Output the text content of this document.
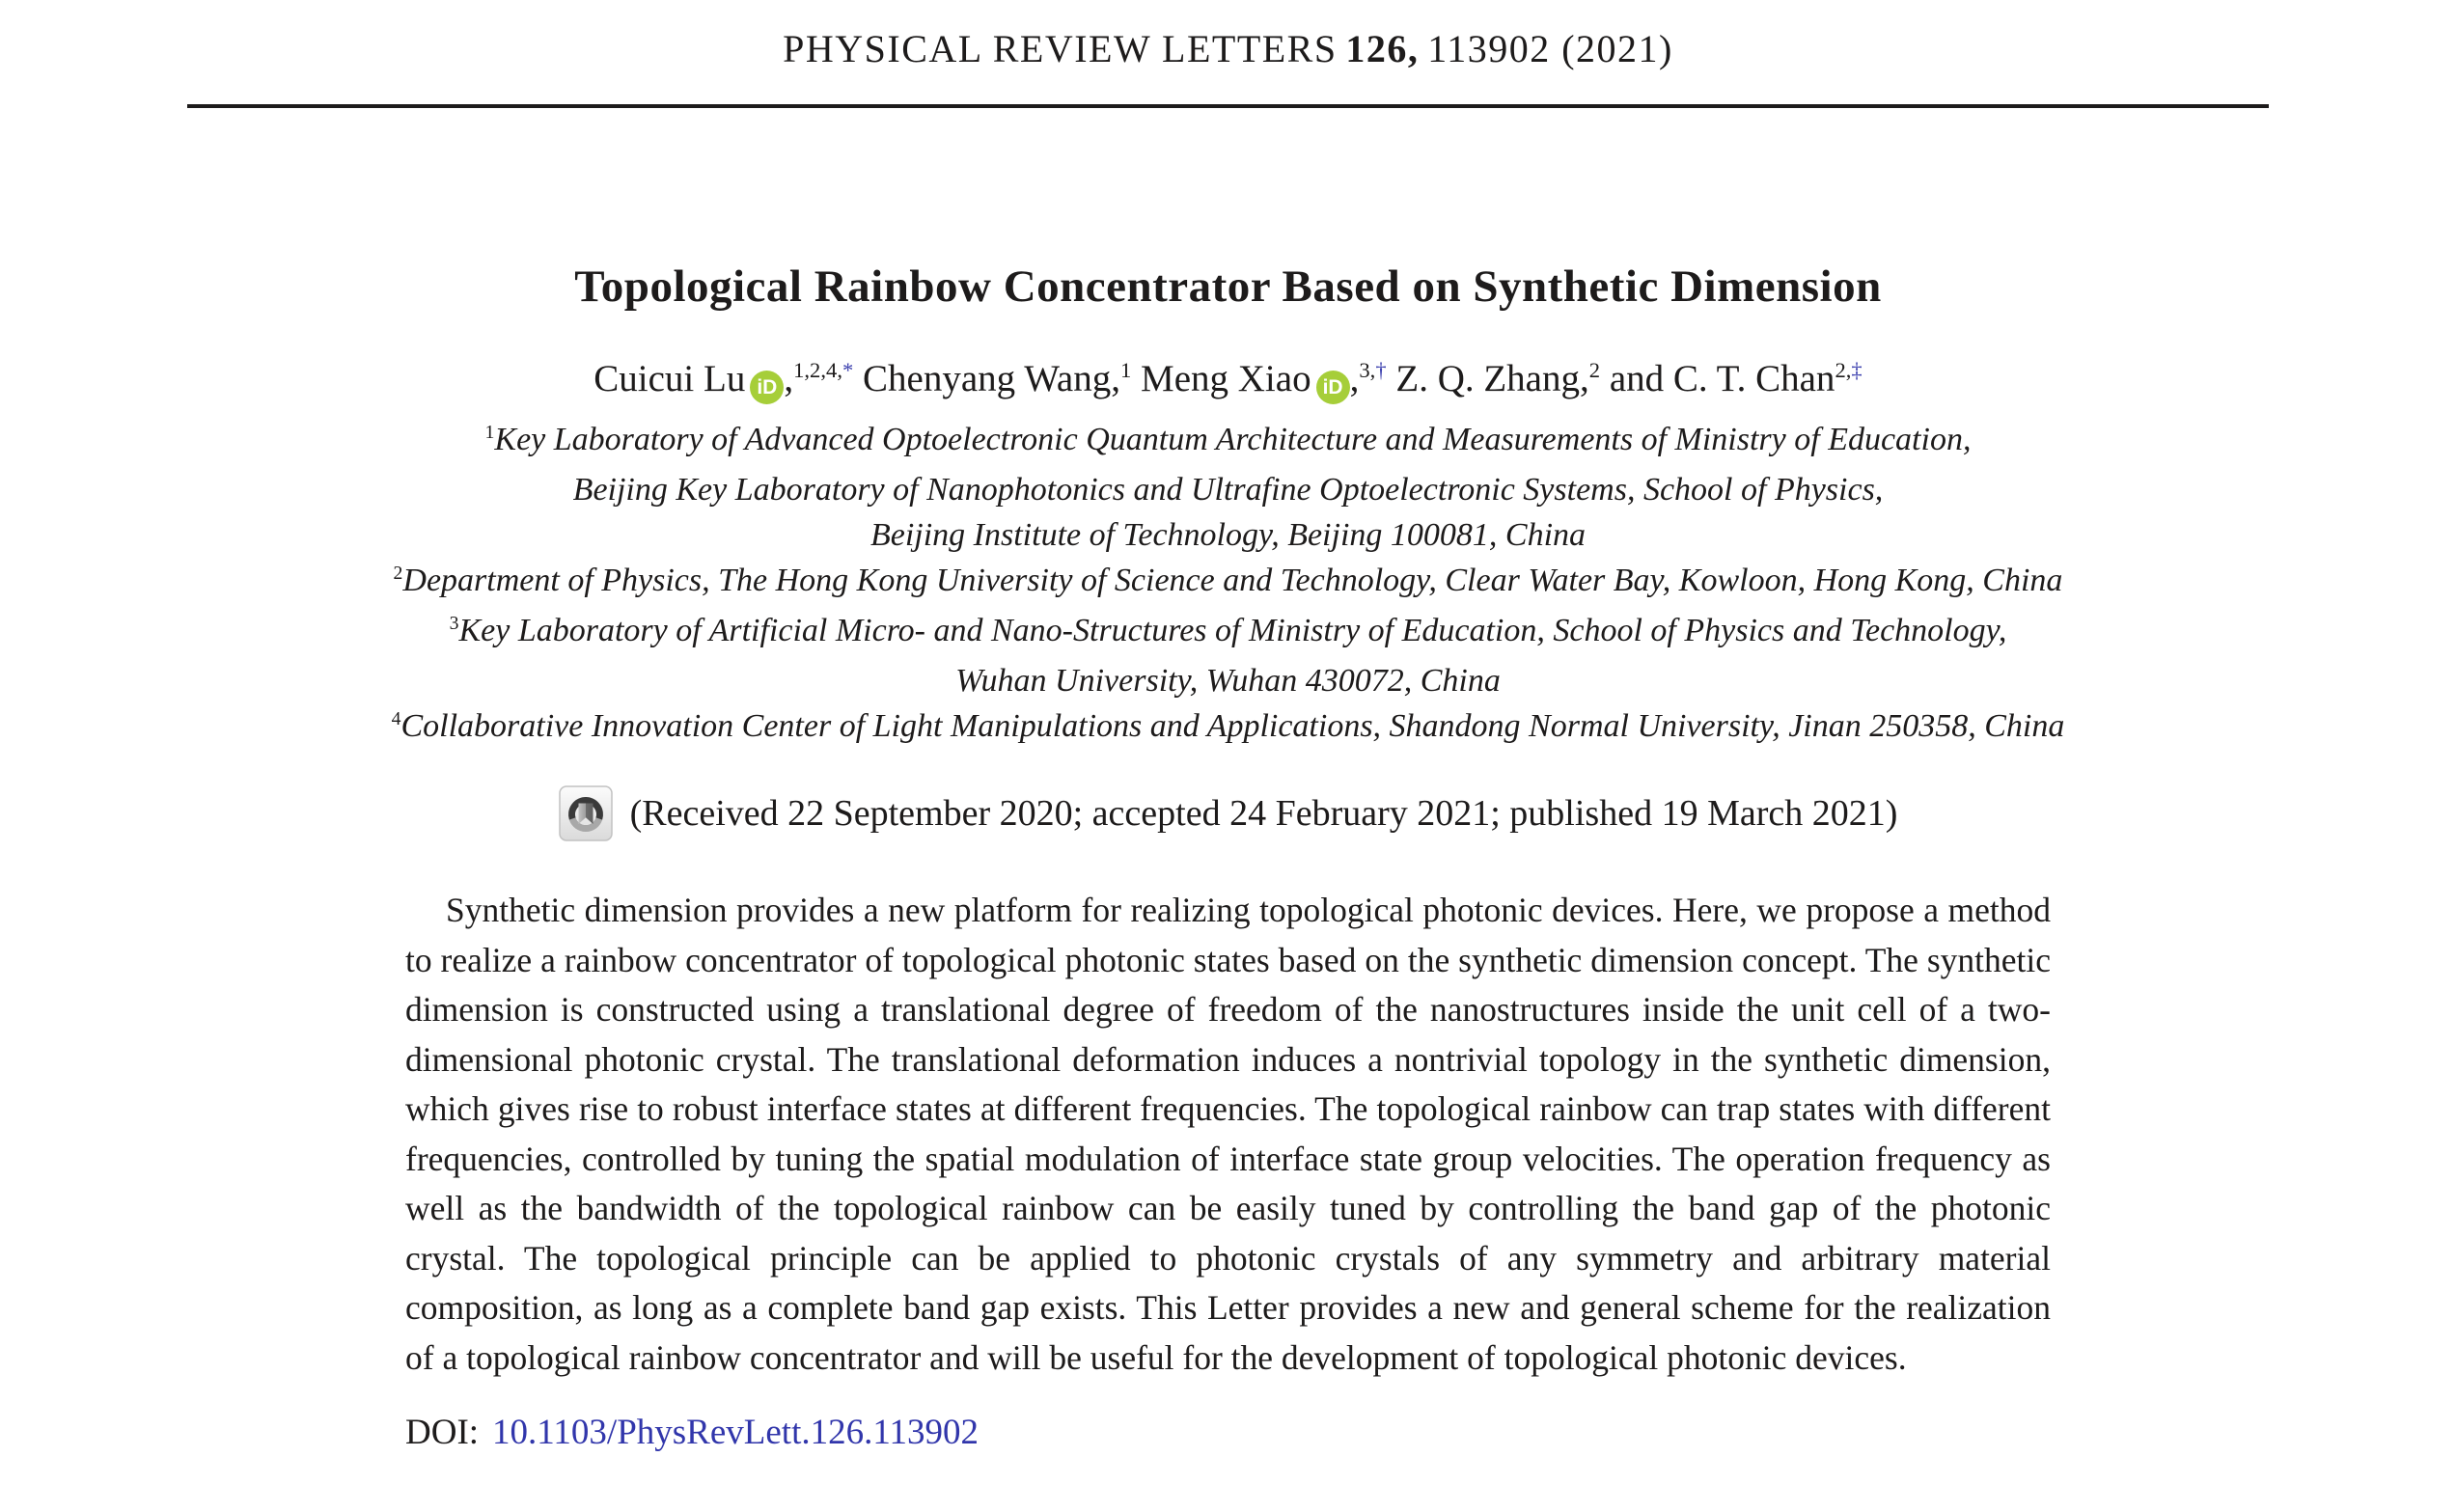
PHYSICAL REVIEW LETTERS 126, 113902 (2021)
Topological Rainbow Concentrator Based on Synthetic Dimension
Cuicui Lu iD ,$^{1,2,4,*}$ Chenyang Wang,$^1$ Meng Xiao iD ,$^{3,\dagger}$ Z. Q. Zhang,$^2$ and C. T. Chan$^{2,\ddagger}$
$^1$Key Laboratory of Advanced Optoelectronic Quantum Architecture and Measurements of Ministry of Education,
Beijing Key Laboratory of Nanophotonics and Ultrafine Optoelectronic Systems, School of Physics,
Beijing Institute of Technology, Beijing 100081, China
$^2$Department of Physics, The Hong Kong University of Science and Technology, Clear Water Bay, Kowloon, Hong Kong, China
$^3$Key Laboratory of Artificial Micro- and Nano-Structures of Ministry of Education, School of Physics and Technology,
Wuhan University, Wuhan 430072, China
$^4$Collaborative Innovation Center of Light Manipulations and Applications, Shandong Normal University, Jinan 250358, China
(Received 22 September 2020; accepted 24 February 2021; published 19 March 2021)

Synthetic dimension provides a new platform for realizing topological photonic devices. Here, we propose a method to realize a rainbow concentrator of topological photonic states based on the synthetic dimension concept. The synthetic dimension is constructed using a translational degree of freedom of the nanostructures inside the unit cell of a two-dimensional photonic crystal. The translational deformation induces a nontrivial topology in the synthetic dimension, which gives rise to robust interface states at different frequencies. The topological rainbow can trap states with different frequencies, controlled by tuning the spatial modulation of interface state group velocities. The operation frequency as well as the bandwidth of the topological rainbow can be easily tuned by controlling the band gap of the photonic crystal. The topological principle can be applied to photonic crystals of any symmetry and arbitrary material composition, as long as a complete band gap exists. This Letter provides a new and general scheme for the realization of a topological rainbow concentrator and will be useful for the development of topological photonic devices.

DOI: 10.1103/PhysRevLett.126.113902
